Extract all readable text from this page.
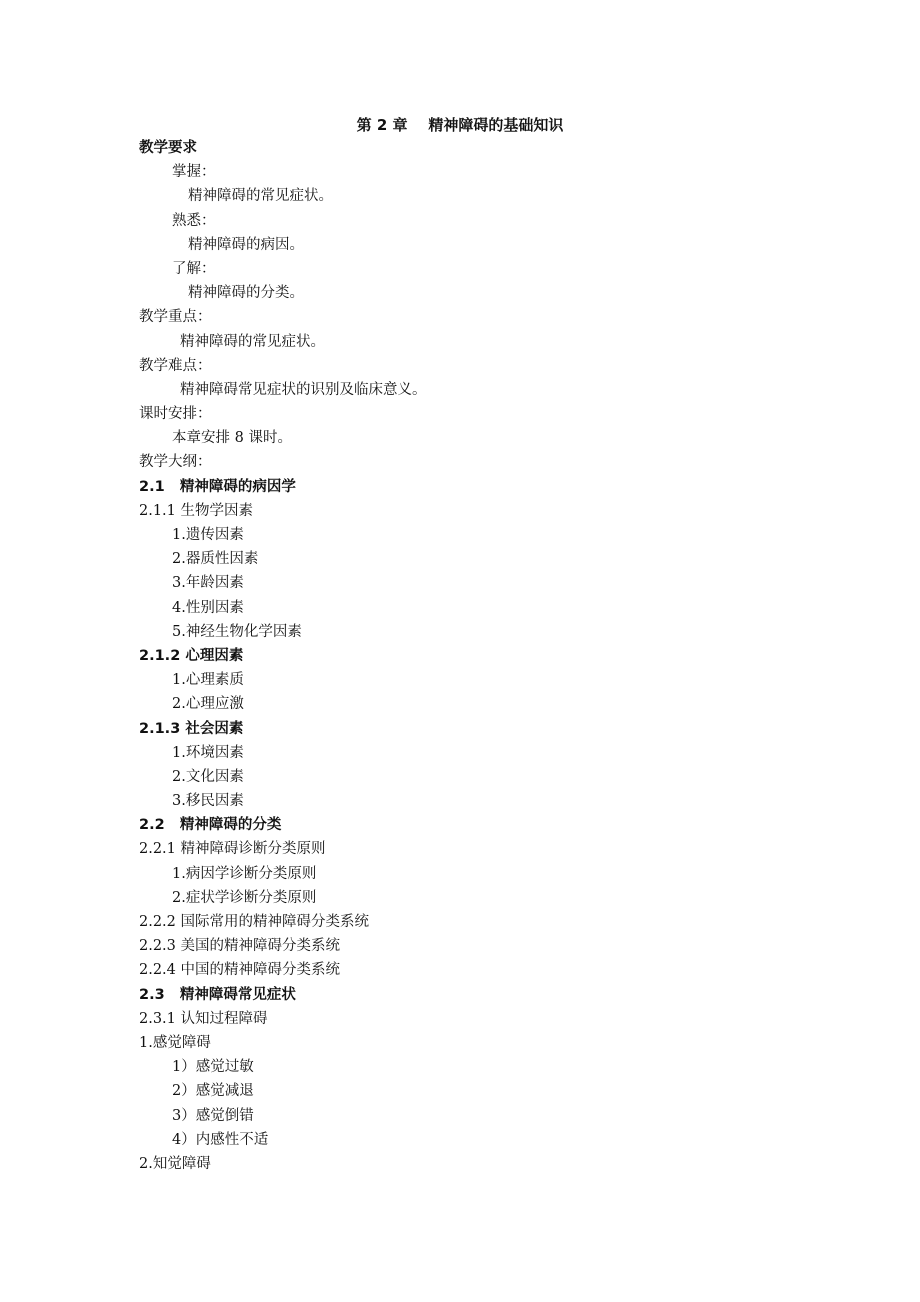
第 2 章    精神障碍的基础知识
教学要求
掌握：
精神障碍的常见症状。
熟悉：
精神障碍的病因。
了解：
精神障碍的分类。
教学重点：
精神障碍的常见症状。
教学难点：
精神障碍常见症状的识别及临床意义。
课时安排：
本章安排 8 课时。
教学大纲：
2.1   精神障碍的病因学
2.1.1 生物学因素
1.遗传因素
2.器质性因素
3.年龄因素
4.性别因素
5.神经生物化学因素
2.1.2 心理因素
1.心理素质
2.心理应激
2.1.3 社会因素
1.环境因素
2.文化因素
3.移民因素
2.2   精神障碍的分类
2.2.1 精神障碍诊断分类原则
1.病因学诊断分类原则
2.症状学诊断分类原则
2.2.2 国际常用的精神障碍分类系统
2.2.3 美国的精神障碍分类系统
2.2.4 中国的精神障碍分类系统
2.3   精神障碍常见症状
2.3.1 认知过程障碍
1.感觉障碍
1）感觉过敏
2）感觉减退
3）感觉倒错
4）内感性不适
2.知觉障碍
